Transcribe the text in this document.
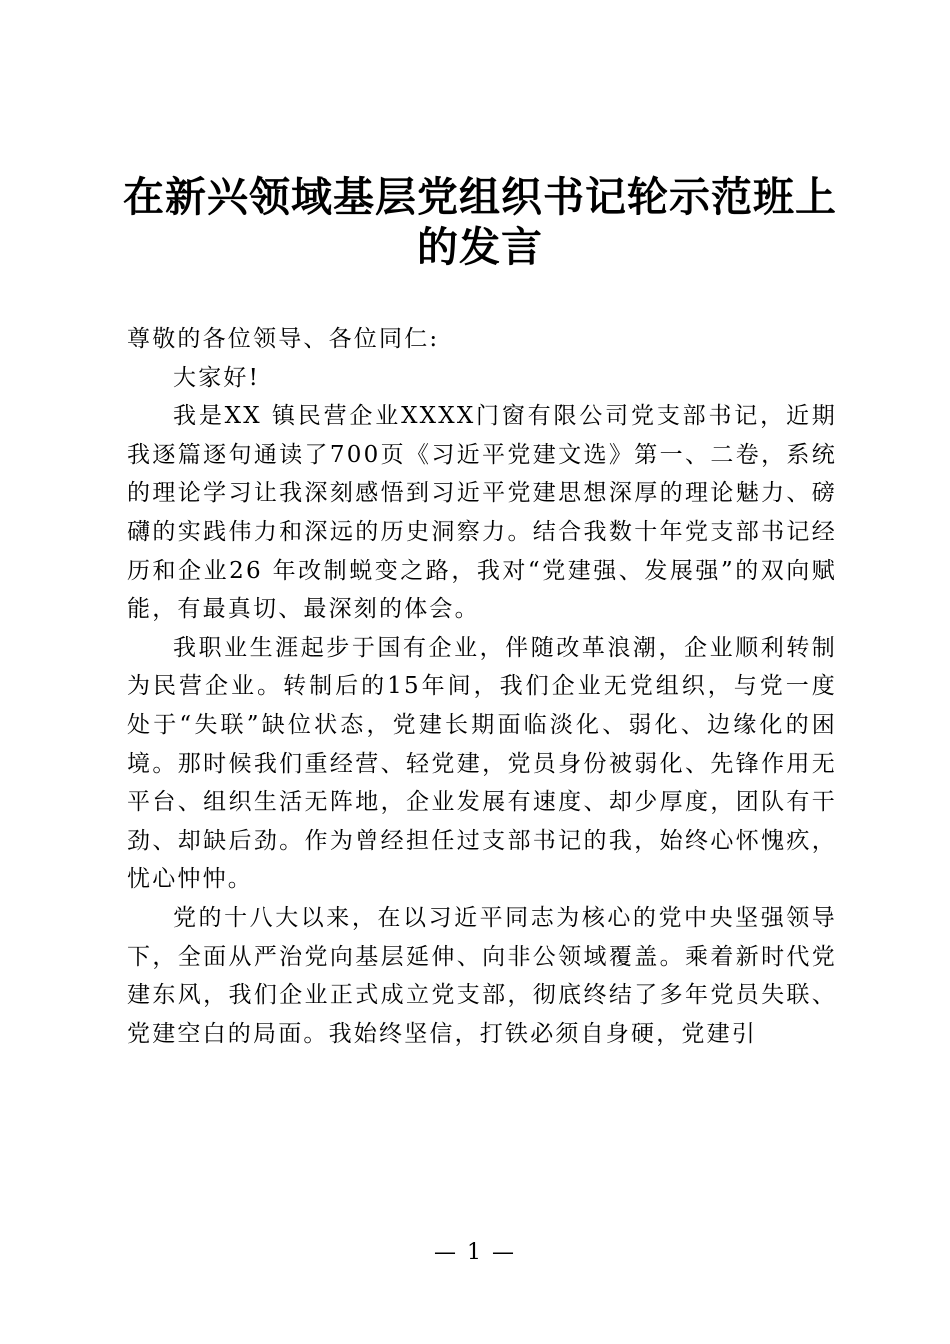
在新兴领域基层党组织书记轮示范班上
的发言

尊敬的各位领导、各位同仁:

大家好!

我是XX 镇民营企业XXXX门窗有限公司党支部书记，近期我逐篇逐句通读了700页《习近平党建文选》第一、二卷，系统的理论学习让我深刻感悟到习近平党建思想深厚的理论魅力、磅礴的实践伟力和深远的历史洞察力。结合我数十年党支部书记经历和企业26 年改制蜕变之路，我对“党建强、发展强”的双向赋能，有最真切、最深刻的体会。

我职业生涯起步于国有企业，伴随改革浪潮，企业顺利转制为民营企业。转制后的15年间，我们企业无党组织，与党一度处于“失联”缺位状态，党建长期面临淡化、弱化、边缘化的困境。那时候我们重经营、轻党建，党员身份被弱化、先锋作用无平台、组织生活无阵地，企业发展有速度、却少厚度，团队有干劲、却缺后劲。作为曾经担任过支部书记的我，始终心怀愧疚，忧心忡忡。

党的十八大以来，在以习近平同志为核心的党中央坚强领导下，全面从严治党向基层延伸、向非公领域覆盖。乘着新时代党建东风，我们企业正式成立党支部，彻底终结了多年党员失联、党建空白的局面。我始终坚信，打铁必须自身硬，党建引

— 1 —
